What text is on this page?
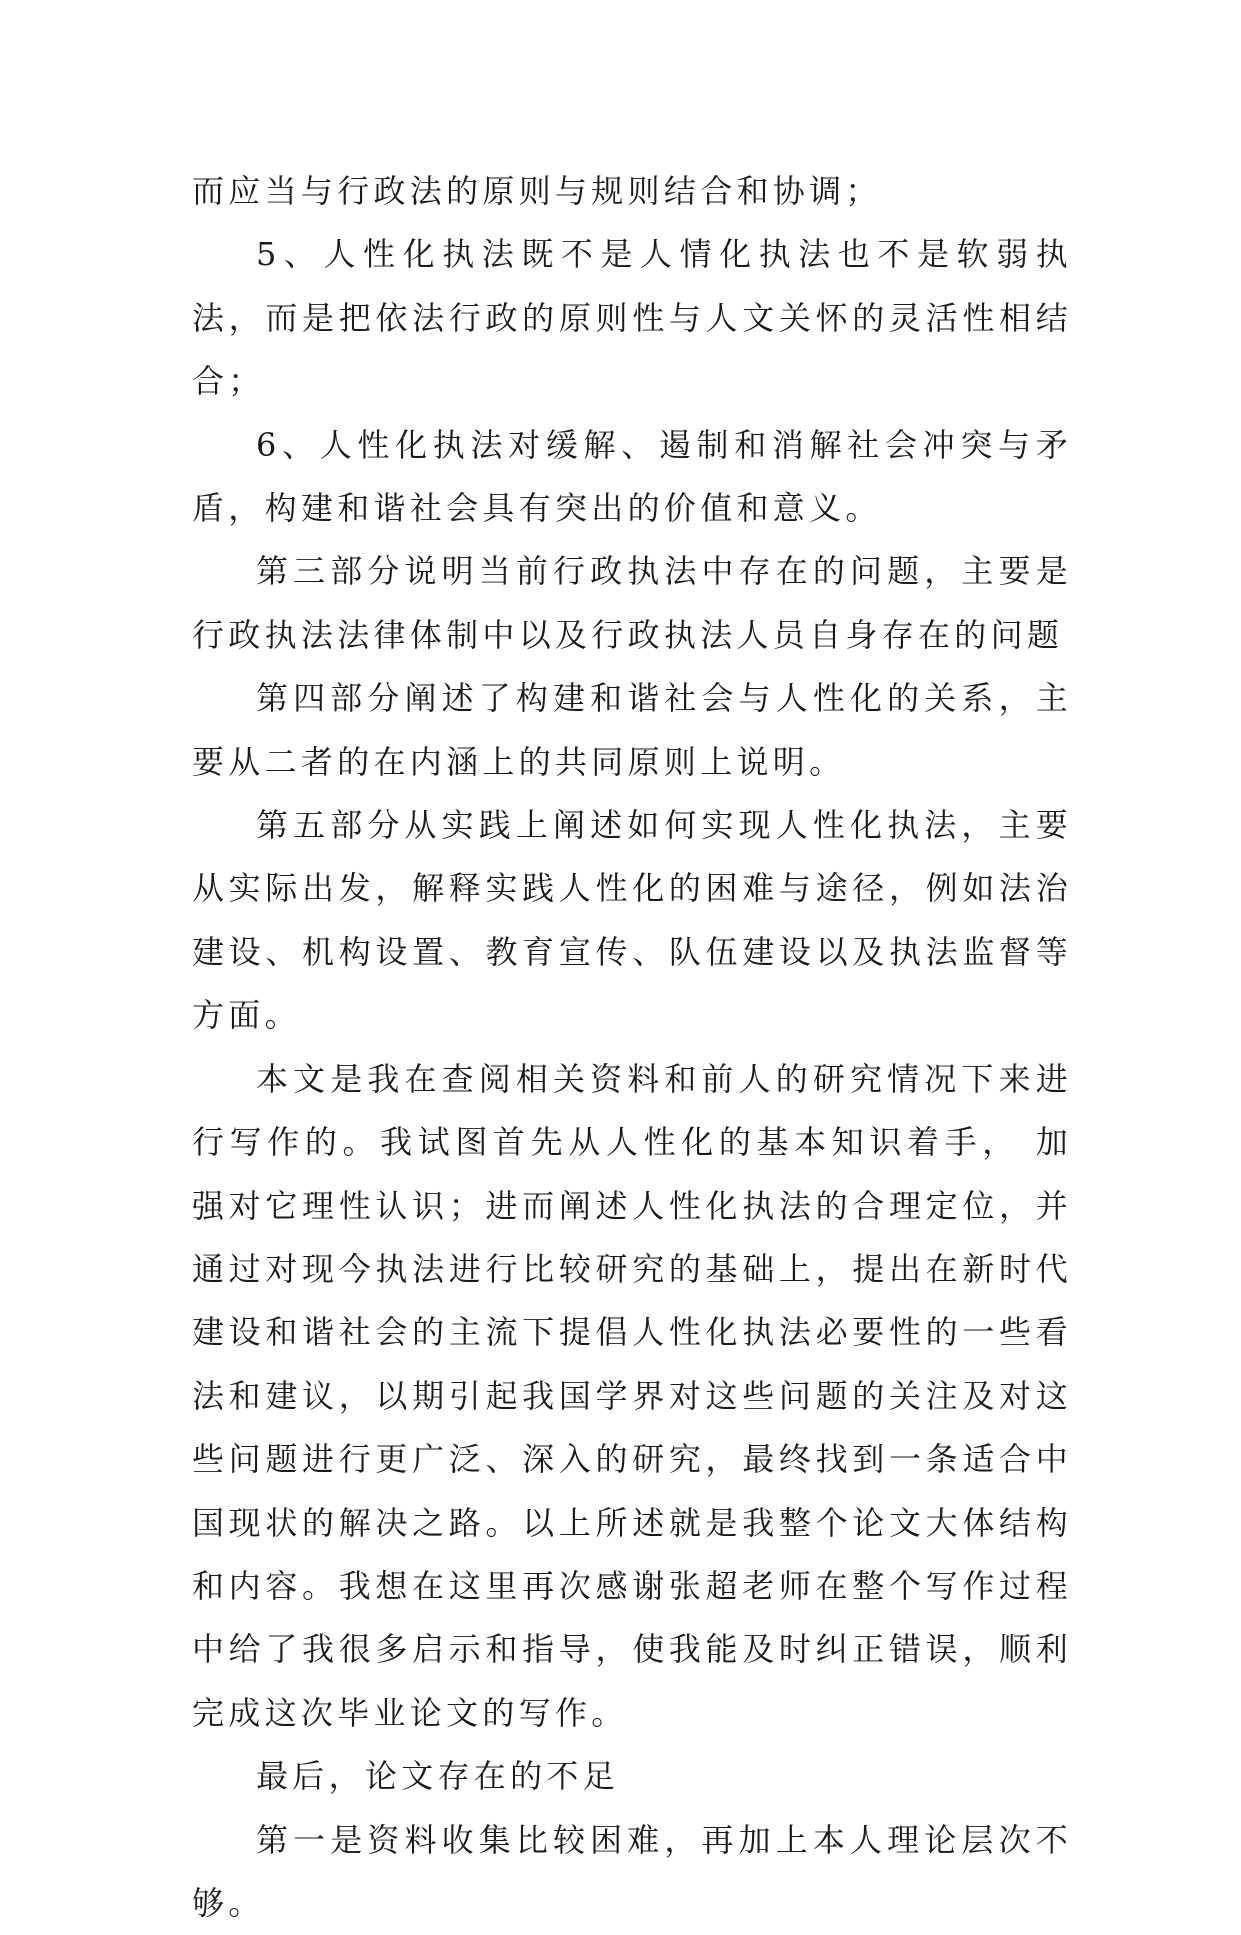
而应当与行政法的原则与规则结合和协调；

5、人性化执法既不是人情化执法也不是软弱执法，而是把依法行政的原则性与人文关怀的灵活性相结合；

6、人性化执法对缓解、遏制和消解社会冲突与矛盾，构建和谐社会具有突出的价值和意义。

第三部分说明当前行政执法中存在的问题，主要是行政执法法律体制中以及行政执法人员自身存在的问题

第四部分阐述了构建和谐社会与人性化的关系，主要从二者的在内涵上的共同原则上说明。

第五部分从实践上阐述如何实现人性化执法，主要从实际出发，解释实践人性化的困难与途径，例如法治建设、机构设置、教育宣传、队伍建设以及执法监督等方面。

本文是我在查阅相关资料和前人的研究情况下来进行写作的。我试图首先从人性化的基本知识着手， 加强对它理性认识；进而阐述人性化执法的合理定位，并通过对现今执法进行比较研究的基础上，提出在新时代建设和谐社会的主流下提倡人性化执法必要性的一些看法和建议，以期引起我国学界对这些问题的关注及对这些问题进行更广泛、深入的研究，最终找到一条适合中国现状的解决之路。以上所述就是我整个论文大体结构和内容。我想在这里再次感谢张超老师在整个写作过程中给了我很多启示和指导，使我能及时纠正错误，顺利完成这次毕业论文的写作。

最后，论文存在的不足

第一是资料收集比较困难，再加上本人理论层次不够。
